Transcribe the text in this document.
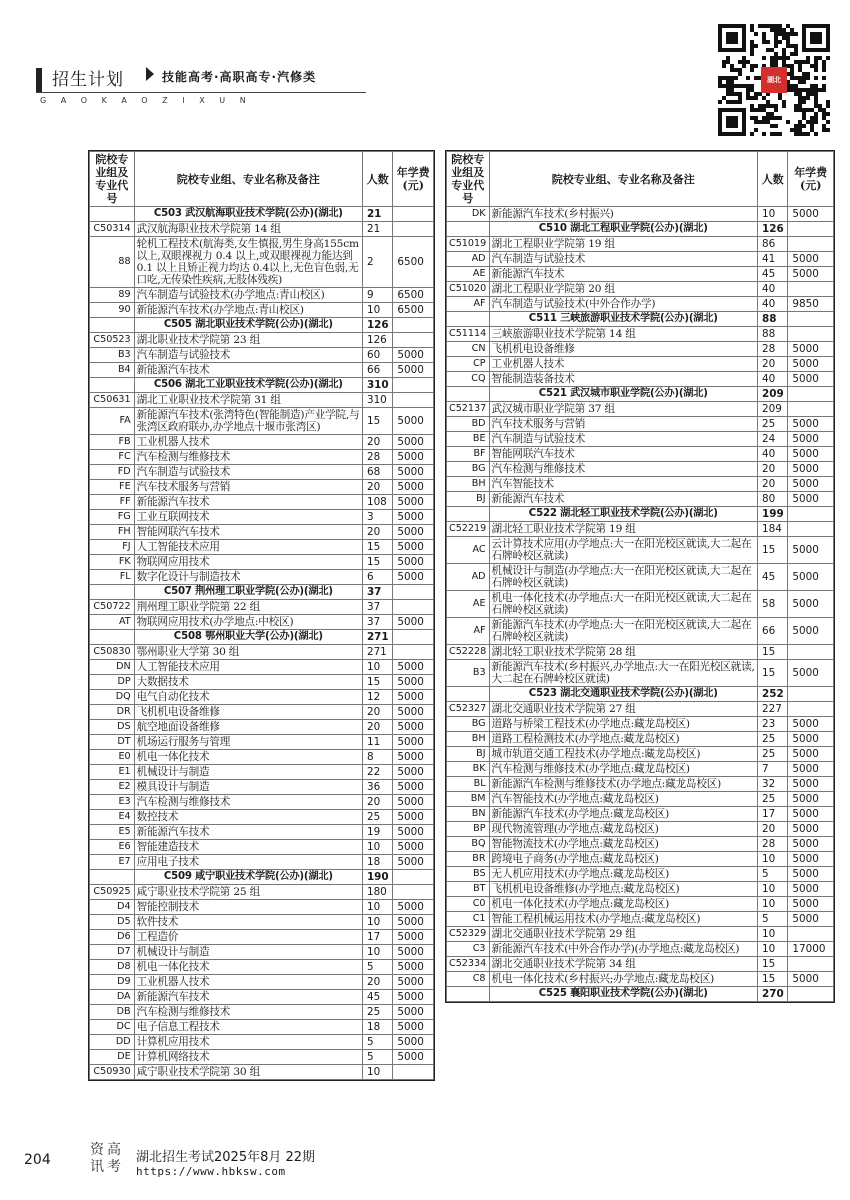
招生计划	技能高考·高职高专·汽修类
GAOKAOZIXUN
湖北
院校专业组及专业代号	院校专业组、专业名称及备注	人数	年学费(元)
	C503 武汉航海职业技术学院(公办)(湖北)	21	
C50314	武汉航海职业技术学院第 14 组	21	
88	轮机工程技术(航海类,女生慎报,男生身高155cm 以上,双眼裸视力 0.4 以上,或双眼裸视力能达到 0.1 以上且矫正视力均达 0.4以上,无色盲色弱,无口吃,无传染性疾病,无肢体残疾)	2	6500
89	汽车制造与试验技术(办学地点:青山校区)	9	6500
90	新能源汽车技术(办学地点:青山校区)	10	6500
	C505 湖北职业技术学院(公办)(湖北)	126	
C50523	湖北职业技术学院第 23 组	126	
B3	汽车制造与试验技术	60	5000
B4	新能源汽车技术	66	5000
	C506 湖北工业职业技术学院(公办)(湖北)	310	
C50631	湖北工业职业技术学院第 31 组	310	
FA	新能源汽车技术(张湾特色(智能制造)产业学院,与张湾区政府联办,办学地点十堰市张湾区)	15	5000
FB	工业机器人技术	20	5000
FC	汽车检测与维修技术	28	5000
FD	汽车制造与试验技术	68	5000
FE	汽车技术服务与营销	20	5000
FF	新能源汽车技术	108	5000
FG	工业互联网技术	3	5000
FH	智能网联汽车技术	20	5000
FJ	人工智能技术应用	15	5000
FK	物联网应用技术	15	5000
FL	数字化设计与制造技术	6	5000
	C507 荆州理工职业学院(公办)(湖北)	37	
C50722	荆州理工职业学院第 22 组	37	
AT	物联网应用技术(办学地点:中校区)	37	5000
	C508 鄂州职业大学(公办)(湖北)	271	
C50830	鄂州职业大学第 30 组	271	
DN	人工智能技术应用	10	5000
DP	大数据技术	15	5000
DQ	电气自动化技术	12	5000
DR	飞机机电设备维修	20	5000
DS	航空地面设备维修	20	5000
DT	机场运行服务与管理	11	5000
E0	机电一体化技术	8	5000
E1	机械设计与制造	22	5000
E2	模具设计与制造	36	5000
E3	汽车检测与维修技术	20	5000
E4	数控技术	25	5000
E5	新能源汽车技术	19	5000
E6	智能建造技术	10	5000
E7	应用电子技术	18	5000
	C509 咸宁职业技术学院(公办)(湖北)	190	
C50925	咸宁职业技术学院第 25 组	180	
D4	智能控制技术	10	5000
D5	软件技术	10	5000
D6	工程造价	17	5000
D7	机械设计与制造	10	5000
D8	机电一体化技术	5	5000
D9	工业机器人技术	20	5000
DA	新能源汽车技术	45	5000
DB	汽车检测与维修技术	25	5000
DC	电子信息工程技术	18	5000
DD	计算机应用技术	5	5000
DE	计算机网络技术	5	5000
C50930	咸宁职业技术学院第 30 组	10	
院校专业组及专业代号	院校专业组、专业名称及备注	人数	年学费(元)
DK	新能源汽车技术(乡村振兴)	10	5000
	C510 湖北工程职业学院(公办)(湖北)	126	
C51019	湖北工程职业学院第 19 组	86	
AD	汽车制造与试验技术	41	5000
AE	新能源汽车技术	45	5000
C51020	湖北工程职业学院第 20 组	40	
AF	汽车制造与试验技术(中外合作办学)	40	9850
	C511 三峡旅游职业技术学院(公办)(湖北)	88	
C51114	三峡旅游职业技术学院第 14 组	88	
CN	飞机机电设备维修	28	5000
CP	工业机器人技术	20	5000
CQ	智能制造装备技术	40	5000
	C521 武汉城市职业学院(公办)(湖北)	209	
C52137	武汉城市职业学院第 37 组	209	
BD	汽车技术服务与营销	25	5000
BE	汽车制造与试验技术	24	5000
BF	智能网联汽车技术	40	5000
BG	汽车检测与维修技术	20	5000
BH	汽车智能技术	20	5000
BJ	新能源汽车技术	80	5000
	C522 湖北轻工职业技术学院(公办)(湖北)	199	
C52219	湖北轻工职业技术学院第 19 组	184	
AC	云计算技术应用(办学地点:大一在阳光校区就读,大二起在石牌岭校区就读)	15	5000
AD	机械设计与制造(办学地点:大一在阳光校区就读,大二起在石牌岭校区就读)	45	5000
AE	机电一体化技术(办学地点:大一在阳光校区就读,大二起在石牌岭校区就读)	58	5000
AF	新能源汽车技术(办学地点:大一在阳光校区就读,大二起在石牌岭校区就读)	66	5000
C52228	湖北轻工职业技术学院第 28 组	15	
B3	新能源汽车技术(乡村振兴,办学地点:大一在阳光校区就读,大二起在石牌岭校区就读)	15	5000
	C523 湖北交通职业技术学院(公办)(湖北)	252	
C52327	湖北交通职业技术学院第 27 组	227	
BG	道路与桥梁工程技术(办学地点:藏龙岛校区)	23	5000
BH	道路工程检测技术(办学地点:藏龙岛校区)	25	5000
BJ	城市轨道交通工程技术(办学地点:藏龙岛校区)	25	5000
BK	汽车检测与维修技术(办学地点:藏龙岛校区)	7	5000
BL	新能源汽车检测与维修技术(办学地点:藏龙岛校区)	32	5000
BM	汽车智能技术(办学地点:藏龙岛校区)	25	5000
BN	新能源汽车技术(办学地点:藏龙岛校区)	17	5000
BP	现代物流管理(办学地点:藏龙岛校区)	20	5000
BQ	智能物流技术(办学地点:藏龙岛校区)	28	5000
BR	跨境电子商务(办学地点:藏龙岛校区)	10	5000
BS	无人机应用技术(办学地点:藏龙岛校区)	5	5000
BT	飞机机电设备维修(办学地点:藏龙岛校区)	10	5000
C0	机电一体化技术(办学地点:藏龙岛校区)	10	5000
C1	智能工程机械运用技术(办学地点:藏龙岛校区)	5	5000
C52329	湖北交通职业技术学院第 29 组	10	
C3	新能源汽车技术(中外合作办学)(办学地点:藏龙岛校区)	10	17000
C52334	湖北交通职业技术学院第 34 组	15	
C8	机电一体化技术(乡村振兴;办学地点:藏龙岛校区)	15	5000
	C525 襄阳职业技术学院(公办)(湖北)	270	
204
资高讯考
湖北招生考试2025年8月 22期
https://www.hbksw.com
